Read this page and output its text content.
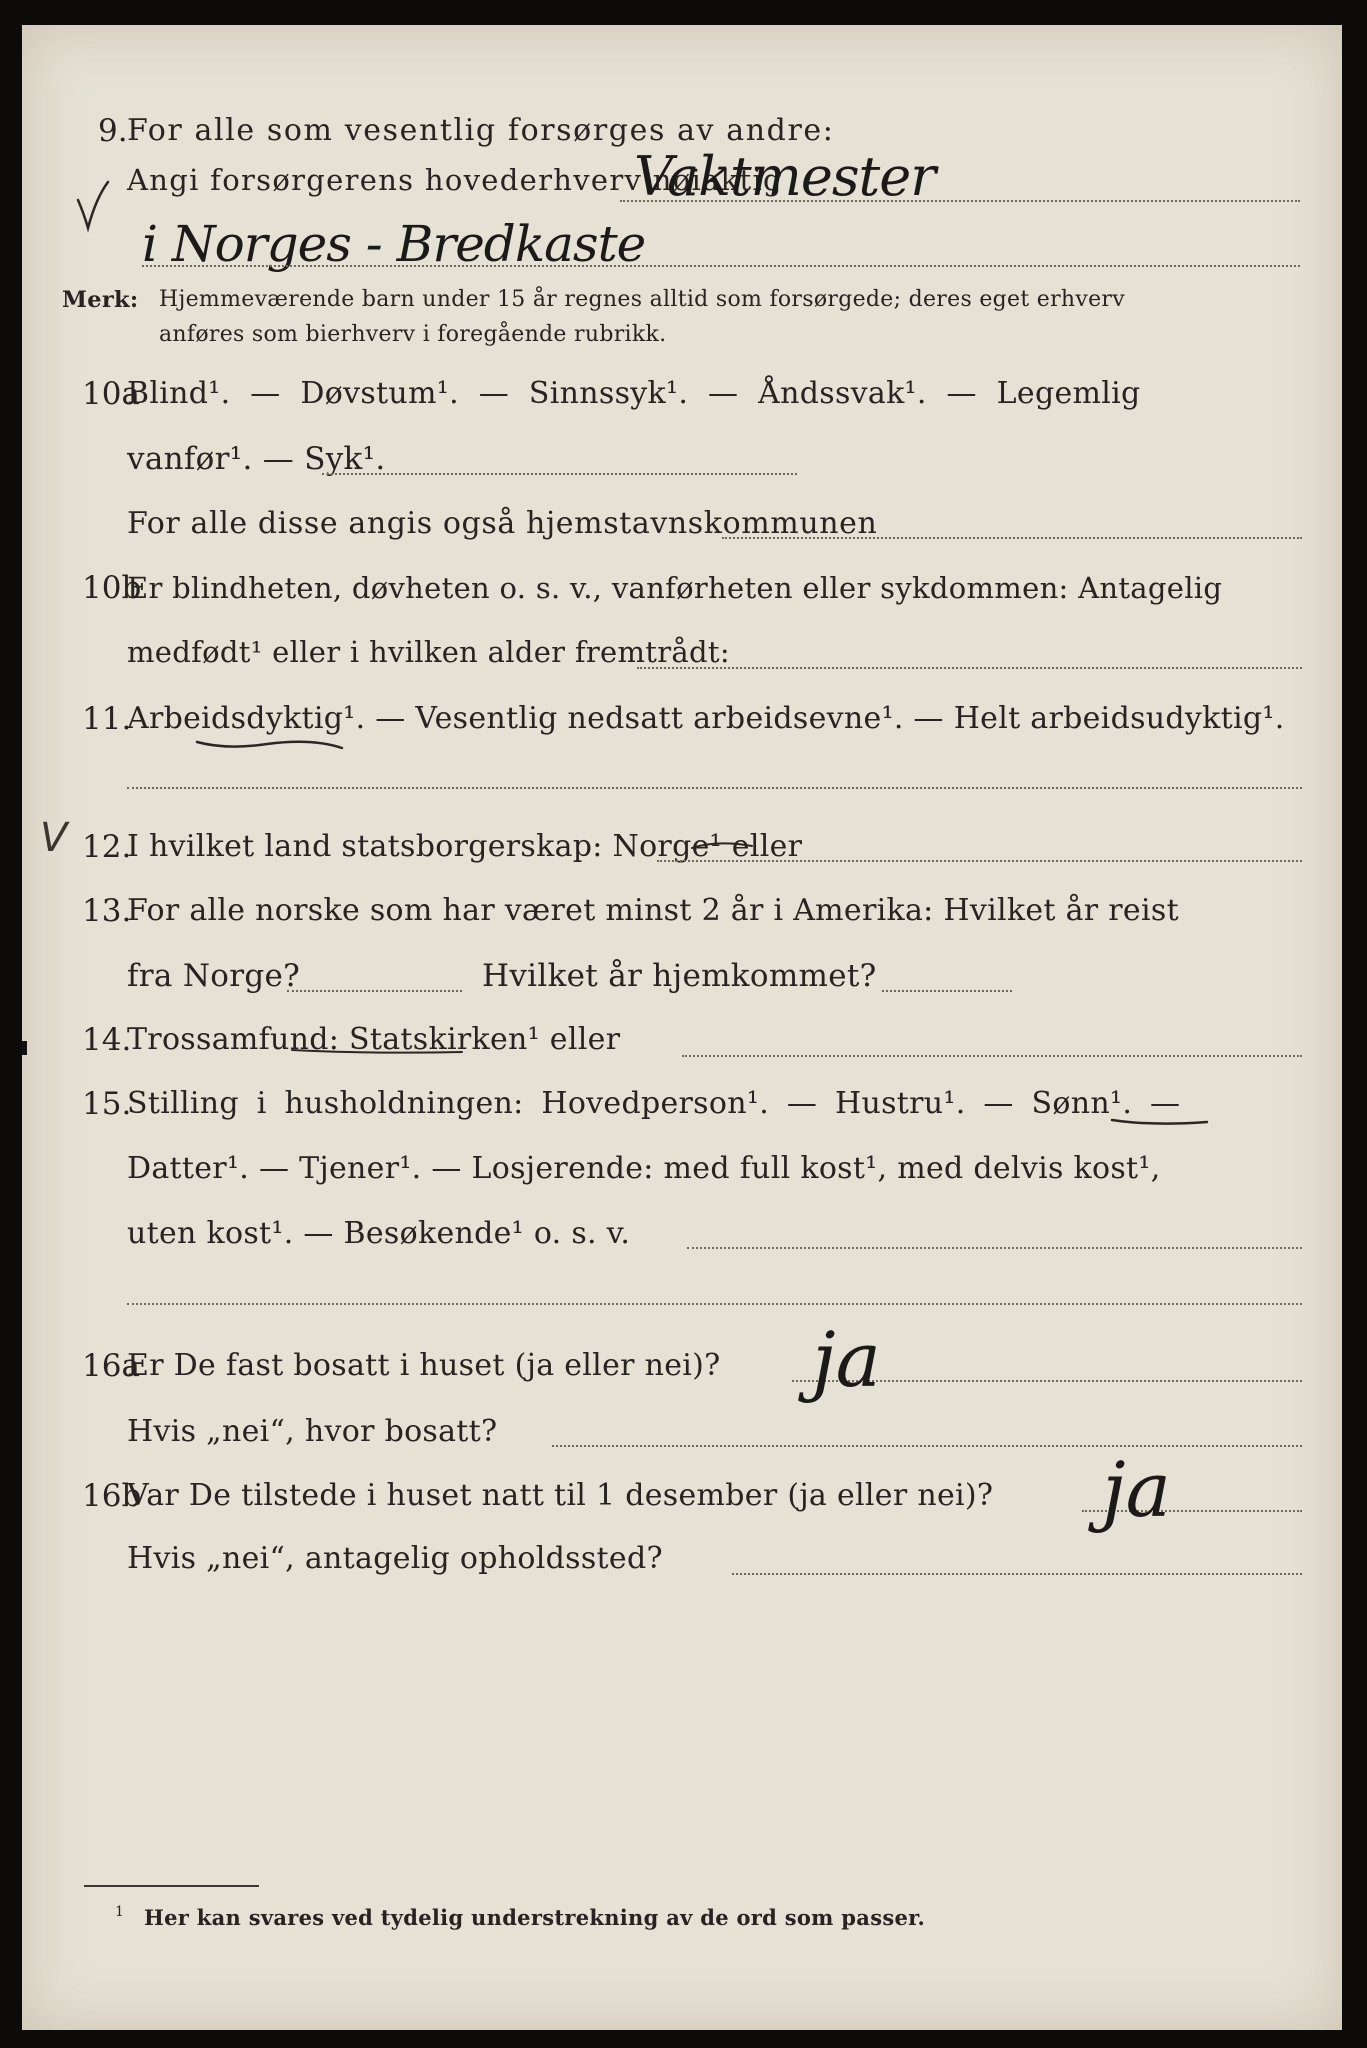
9. For alle som vesentlig forsørges av andre:
Angi forsørgerens hovederhverv nøiaktig
Vaktmester
i Norges - Bredkaste
Merk: Hjemmeværende barn under 15 år regnes alltid som forsørgede; deres eget erhverv
anføres som bierhverv i foregående rubrikk.
10a
Blind¹. — Døvstum¹. — Sinnssyk¹. — Åndssvak¹. — Legemlig
vanfør¹. — Syk¹.
For alle disse angis også hjemstavnskommunen
10b
Er blindheten, døvheten o. s. v., vanførheten eller sykdommen: Antagelig
medfødt¹ eller i hvilken alder fremtrådt:
11.
Arbeidsdyktig¹. — Vesentlig nedsatt arbeidsevne¹. — Helt arbeidsudyktig¹.
V 12.
I hvilket land statsborgerskap: Norge¹ eller
13.
For alle norske som har været minst 2 år i Amerika: Hvilket år reist
fra Norge?	Hvilket år hjemkommet?
14.
Trossamfund: Statskirken¹ eller
15.
Stilling i husholdningen: Hovedperson¹. — Hustru¹. — Sønn¹. —
Datter¹. — Tjener¹. — Losjerende: med full kost¹, med delvis kost¹,
uten kost¹. — Besøkende¹ o. s. v.
16a
Er De fast bosatt i huset (ja eller nei)? ja
Hvis „nei“, hvor bosatt?
16b
Var De tilstede i huset natt til 1 desember (ja eller nei)? ja
Hvis „nei“, antagelig opholdssted?
1 Her kan svares ved tydelig understrekning av de ord som passer.
